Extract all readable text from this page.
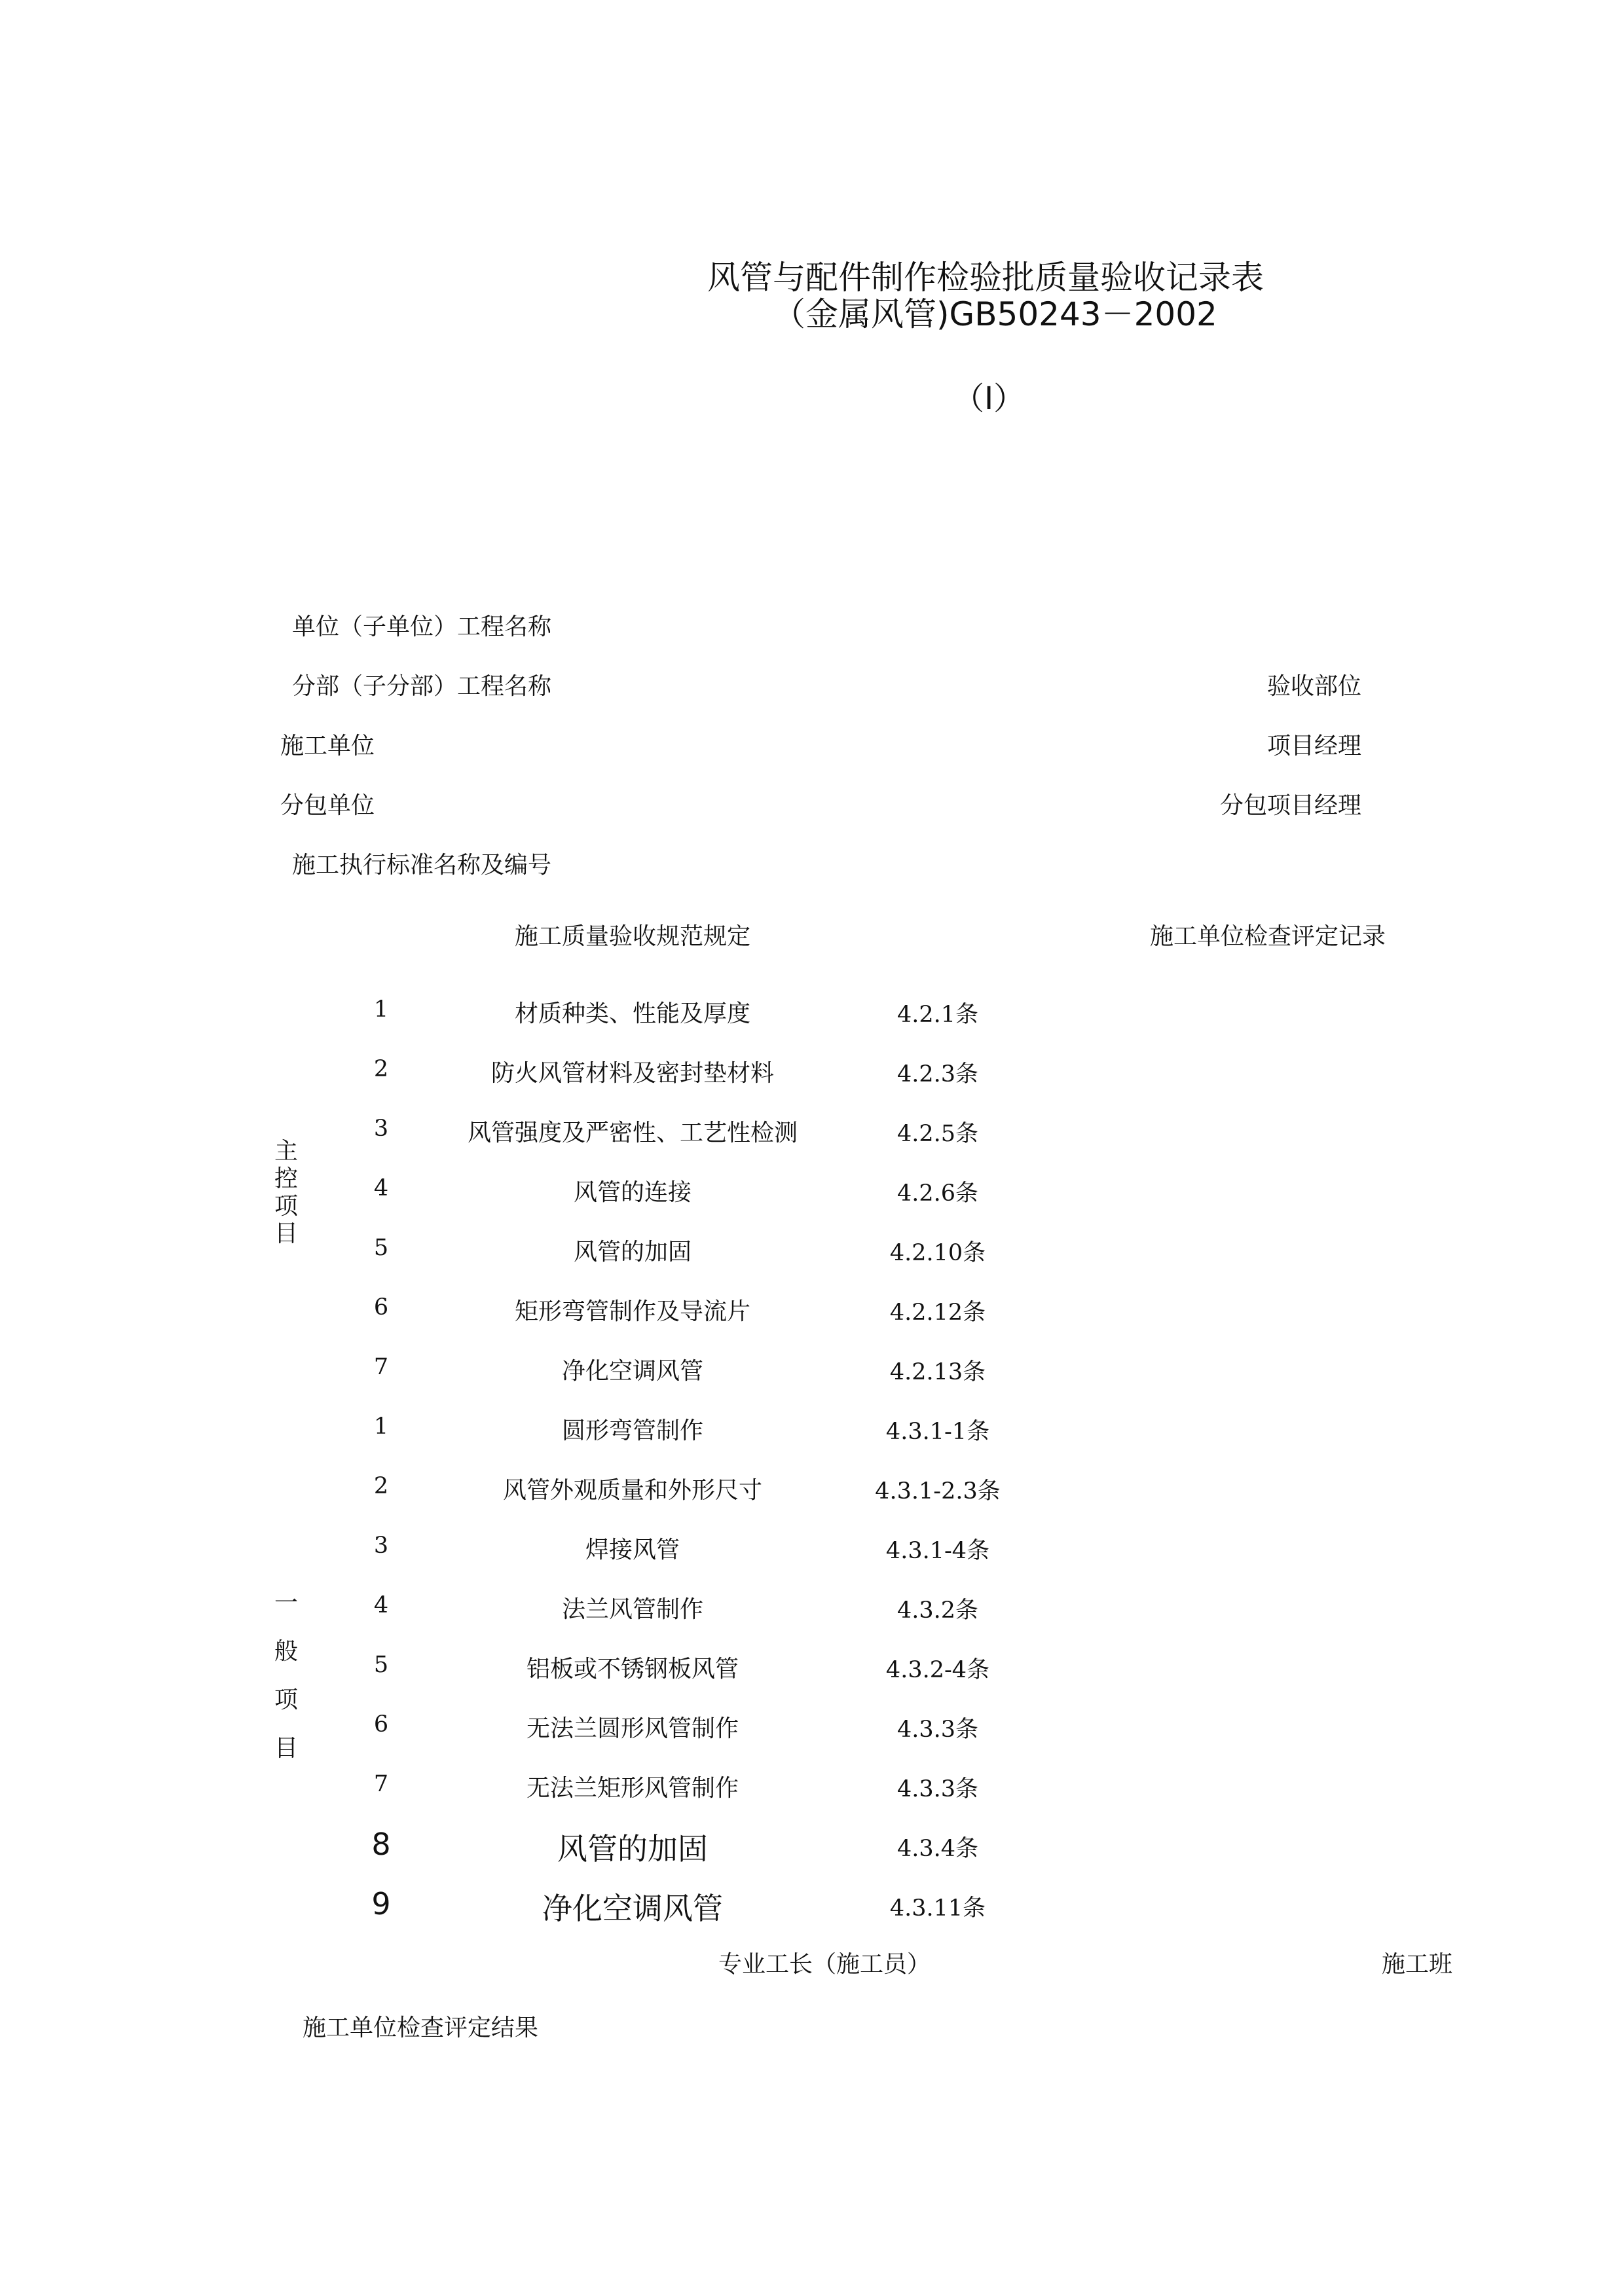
风管与配件制作检验批质量验收记录表
（金属风管)GB50243－2002
（Ⅰ）
单位（子单位）工程名称
分部（子分部）工程名称	验收部位
施工单位	项目经理
分包单位	分包项目经理
施工执行标准名称及编号
施工质量验收规范规定	施工单位检查评定记录
主
控
项
目
1	材质种类、性能及厚度	4.2.1条
2	防火风管材料及密封垫材料	4.2.3条
3	风管强度及严密性、工艺性检测	4.2.5条
4	风管的连接	4.2.6条
5	风管的加固	4.2.10条
6	矩形弯管制作及导流片	4.2.12条
7	净化空调风管	4.2.13条
一
般
项
目
1	圆形弯管制作	4.3.1-1条
2	风管外观质量和外形尺寸	4.3.1-2.3条
3	焊接风管	4.3.1-4条
4	法兰风管制作	4.3.2条
5	铝板或不锈钢板风管	4.3.2-4条
6	无法兰圆形风管制作	4.3.3条
7	无法兰矩形风管制作	4.3.3条
8	风管的加固	4.3.4条
9	净化空调风管	4.3.11条
专业工长（施工员）	施工班
施工单位检查评定结果
